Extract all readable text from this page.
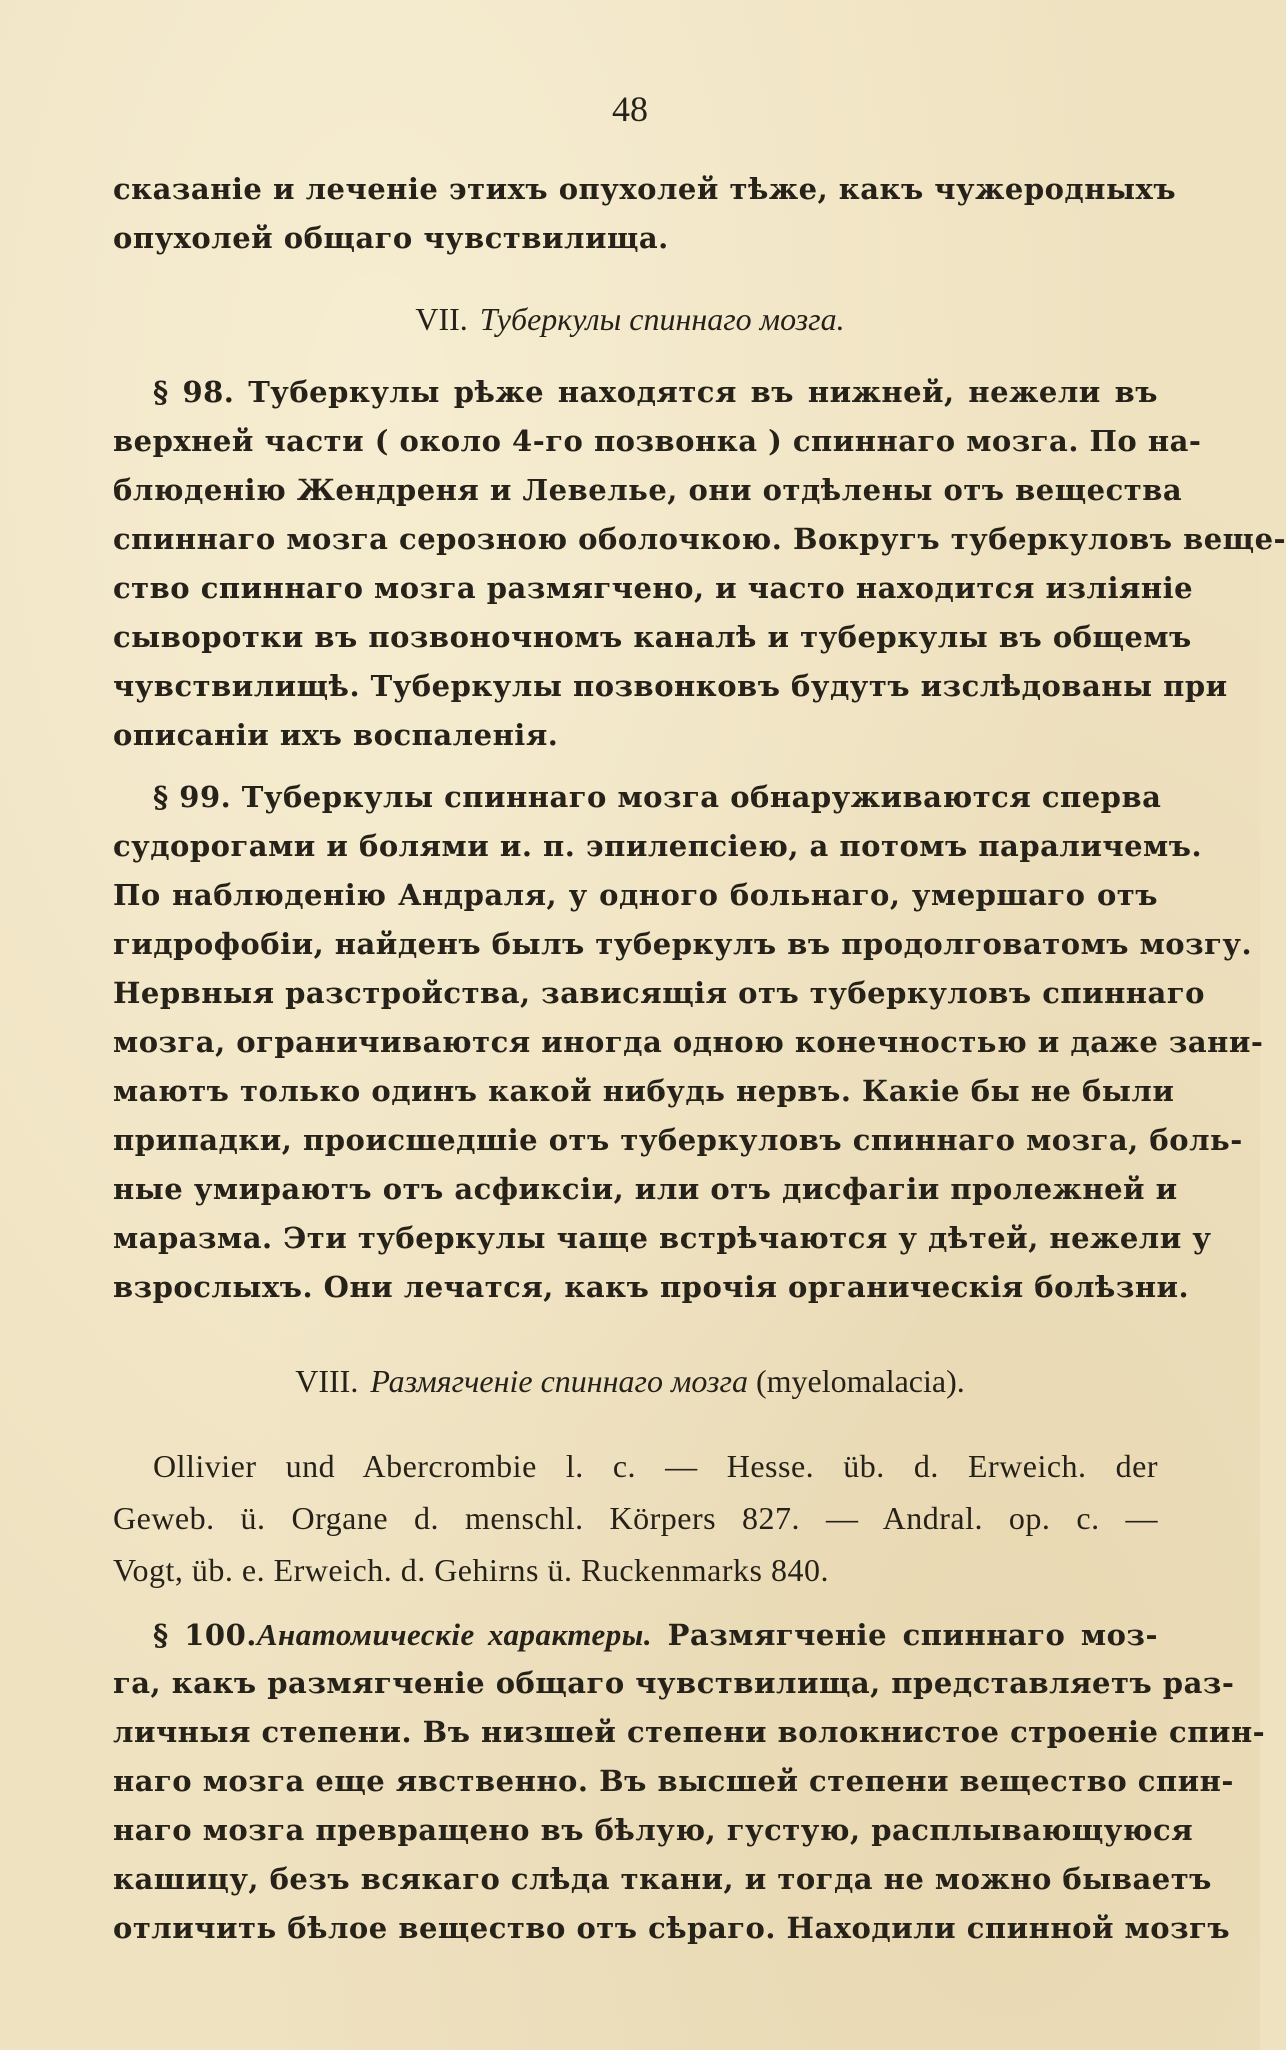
48
сказаніе и леченіе этихъ опухолей тѣже, какъ чужеродныхъ
опухолей общаго чувствилища.
VII. Туберкулы спиннаго мозга.
§ 98. Туберкулы рѣже находятся въ нижней, нежели въ
верхней части ( около 4-го позвонка ) спиннаго мозга. По на-
блюденію Жендреня и Левелье, они отдѣлены отъ вещества
спиннаго мозга серозною оболочкою. Вокругъ туберкуловъ веще-
ство спиннаго мозга размягчено, и часто находится изліяніе
сыворотки въ позвоночномъ каналѣ и туберкулы въ общемъ
чувствилищѣ. Туберкулы позвонковъ будутъ изслѣдованы при
описаніи ихъ воспаленія.
§ 99. Туберкулы спиннаго мозга обнаруживаются сперва
судорогами и болями и. п. эпилепсіею, а потомъ параличемъ.
По наблюденію Андраля, у одного больнаго, умершаго отъ
гидрофобіи, найденъ былъ туберкулъ въ продолговатомъ мозгу.
Нервныя разстройства, зависящія отъ туберкуловъ спиннаго
мозга, ограничиваются иногда одною конечностью и даже зани-
маютъ только одинъ какой нибудь нервъ. Какіе бы не были
припадки, происшедшіе отъ туберкуловъ спиннаго мозга, боль-
ные умираютъ отъ асфиксіи, или отъ дисфагіи пролежней и
маразма. Эти туберкулы чаще встрѣчаются у дѣтей, нежели у
взрослыхъ. Они лечатся, какъ прочія органическія болѣзни.
VIII. Размягченіе спиннаго мозга (myelomalacia).
Ollivier und Abercrombie l. c. — Hesse. üb. d. Erweich. der
Geweb. ü. Organe d. menschl. Körpers 827. — Andral. op. c. —
Vogt, üb. e. Erweich. d. Gehirns ü. Ruckenmarks 840.
§ 100.Анатомическіе характеры. Размягченіе спиннаго моз-
га, какъ размягченіе общаго чувствилища, представляетъ раз-
личныя степени. Въ низшей степени волокнистое строеніе спин-
наго мозга еще явственно. Въ высшей степени вещество спин-
наго мозга превращено въ бѣлую, густую, расплывающуюся
кашицу, безъ всякаго слѣда ткани, и тогда не можно бываетъ
отличить бѣлое вещество отъ сѣраго. Находили спинной мозгъ
